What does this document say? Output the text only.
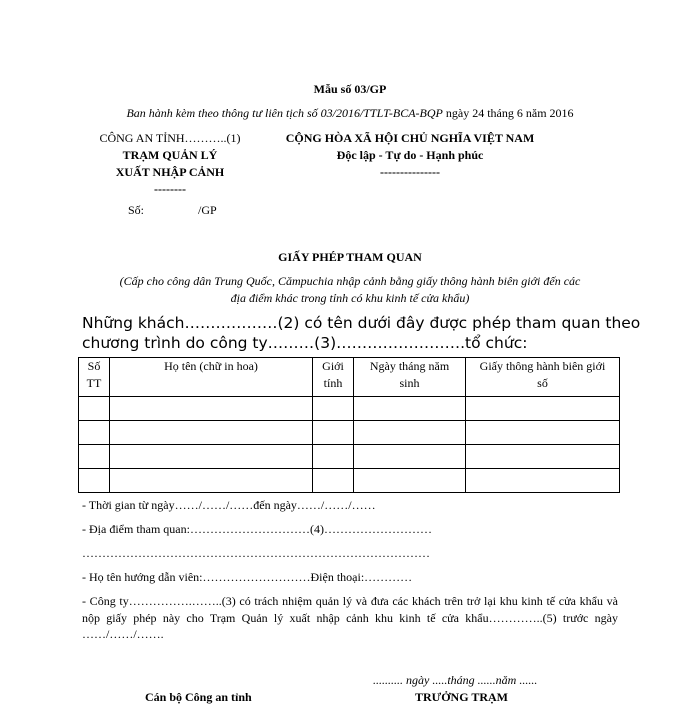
Mẫu số 03/GP
Ban hành kèm theo thông tư liên tịch số 03/2016/TTLT-BCA-BQP ngày 24 tháng 6 năm 2016
CÔNG AN TỈNH………..(1)
TRẠM QUẢN LÝ
XUẤT NHẬP CẢNH
--------
CỘNG HÒA XÃ HỘI CHỦ NGHĨA VIỆT NAM
Độc lập - Tự do - Hạnh phúc
---------------
Số:	/GP
GIẤY PHÉP THAM QUAN
(Cấp cho công dân Trung Quốc, Cămpuchia nhập cảnh bằng giấy thông hành biên giới đến các
địa điểm khác trong tỉnh có khu kinh tế cửa khẩu)
Những khách………………(2) có tên dưới đây được phép tham quan theo chương trình do công ty………(3)…………………….tổ chức:
Số TT	Họ tên (chữ in hoa)	Giới tính	Ngày tháng năm sinh	Giấy thông hành biên giới số

- Thời gian từ ngày……/……/……đến ngày……/……/……
- Địa điểm tham quan:…………………………(4)………………………
……………………………………………………………………………
- Họ tên hướng dẫn viên:………………………Điện thoại:…………
- Công ty…………….……..(3) có trách nhiệm quản lý và đưa các khách trên trở lại khu kinh tế cửa khẩu và nộp giấy phép này cho Trạm Quản lý xuất nhập cảnh khu kinh tế cửa khẩu…………..(5) trước ngày ……/……/…….
.......... ngày .....tháng ......năm ......
Cán bộ Công an tỉnh	TRƯỞNG TRẠM
